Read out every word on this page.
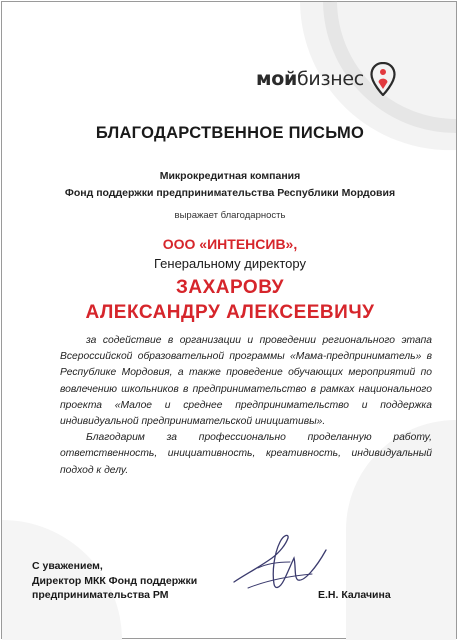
мойбизнес
БЛАГОДАРСТВЕННОЕ ПИСЬМО
Микрокредитная компания
Фонд поддержки предпринимательства Республики Мордовия
выражает благодарность
ООО «ИНТЕНСИВ»,
Генеральному директору
ЗАХАРОВУ
АЛЕКСАНДРУ АЛЕКСЕЕВИЧУ

за содействие в организации и проведении регионального этапа Всероссийской образовательной программы «Мама-предприниматель» в Республике Мордовия, а также проведение обучающих мероприятий по вовлечению школьников в предпринимательство в рамках национального проекта «Малое и среднее предпринимательство и поддержка индивидуальной предпринимательской инициативы».

Благодарим за профессионально проделанную работу, ответственность, инициативность, креативность, индивидуальный подход к делу.

С уважением,
Директор МКК Фонд поддержки
предпринимательства РМ	Е.Н. Калачина
